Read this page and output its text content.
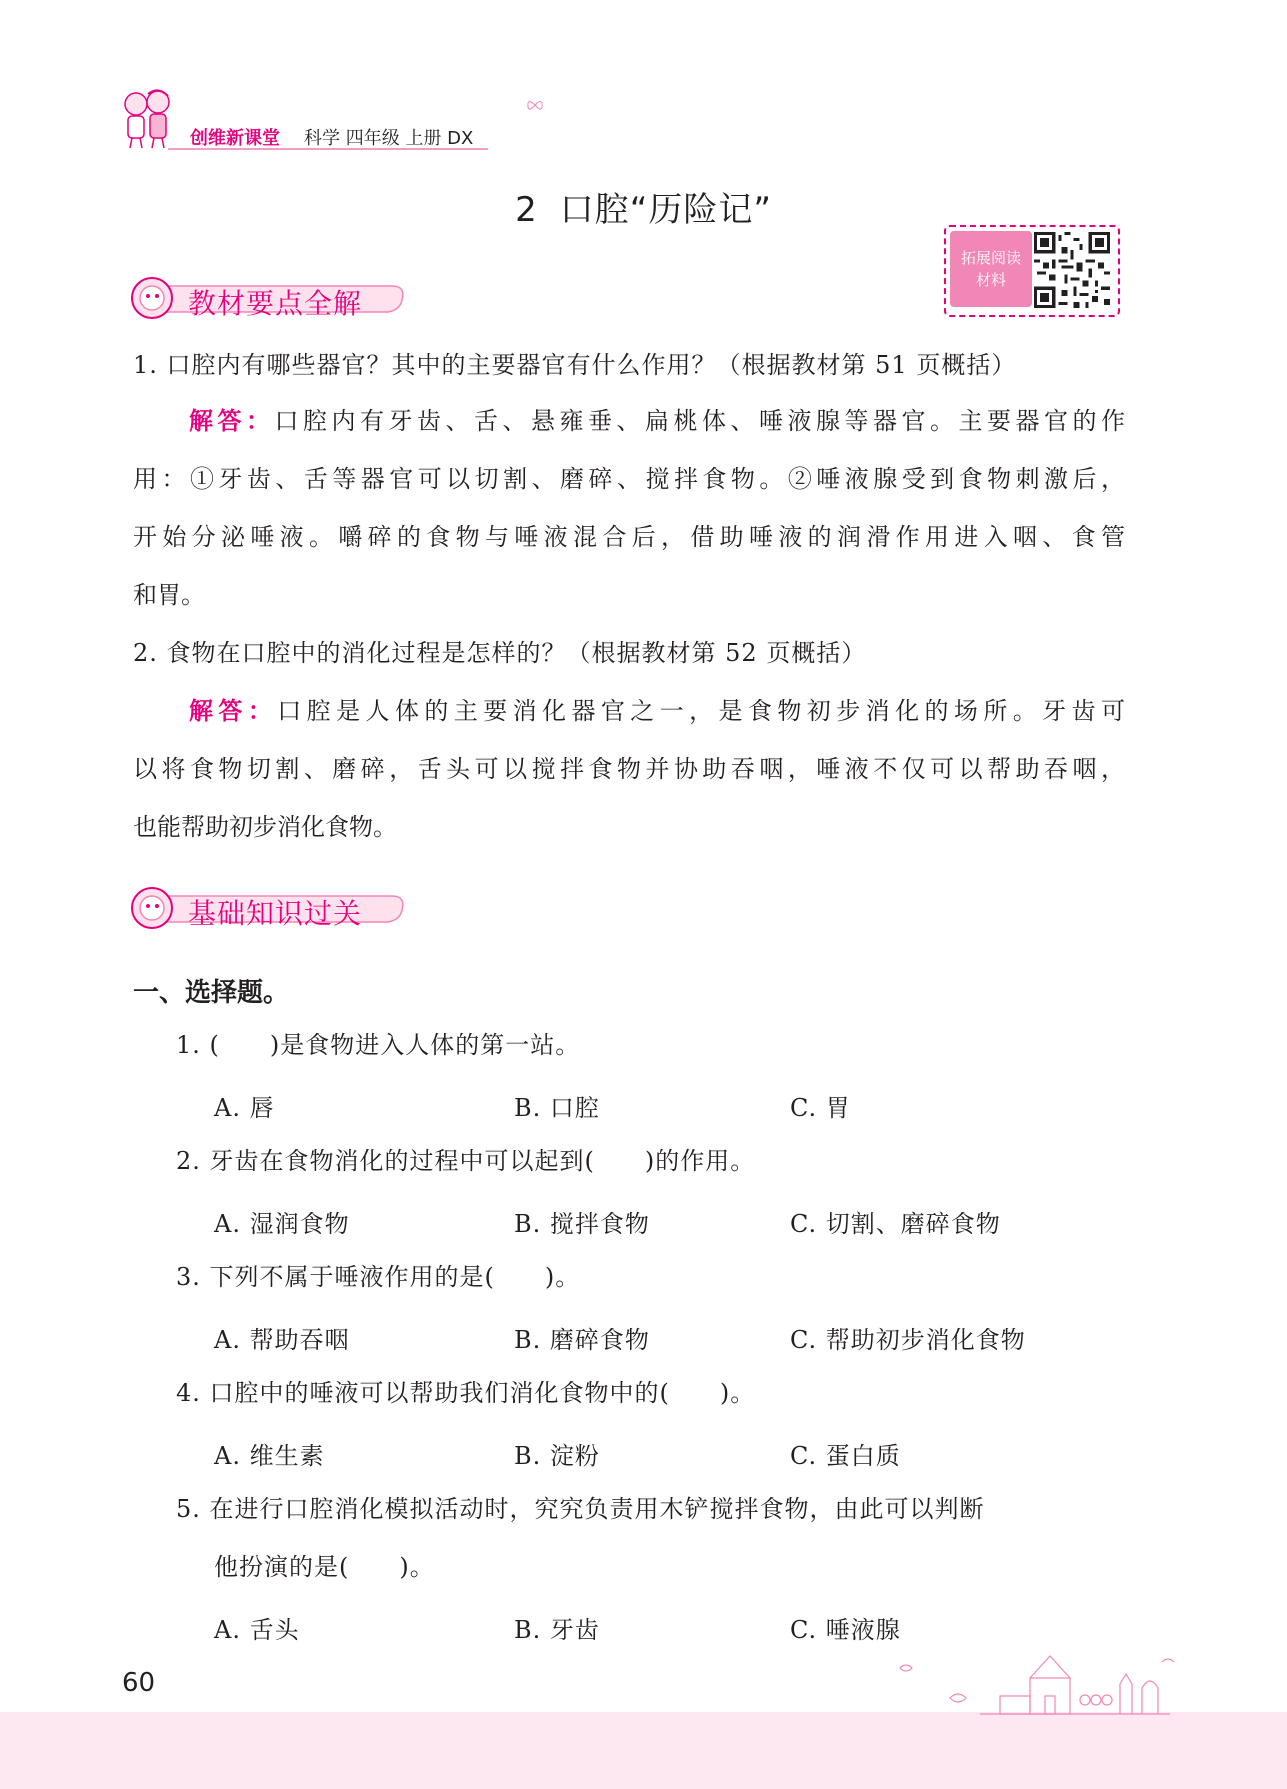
创维新课堂 科学 四年级 上册 DX
2 口腔“历险记”
拓展阅读
材料
教材要点全解
1. 口腔内有哪些器官？其中的主要器官有什么作用？（根据教材第 51 页概括）
解答：口腔内有牙齿、舌、悬雍垂、扁桃体、唾液腺等器官。主要器官的作
用：①牙齿、舌等器官可以切割、磨碎、搅拌食物。②唾液腺受到食物刺激后，
开始分泌唾液。嚼碎的食物与唾液混合后，借助唾液的润滑作用进入咽、食管
和胃。
2. 食物在口腔中的消化过程是怎样的？（根据教材第 52 页概括）
解答：口腔是人体的主要消化器官之一，是食物初步消化的场所。牙齿可
以将食物切割、磨碎，舌头可以搅拌食物并协助吞咽，唾液不仅可以帮助吞咽，
也能帮助初步消化食物。
基础知识过关
一、选择题。
1. (　　)是食物进入人体的第一站。
A. 唇	B. 口腔	C. 胃
2. 牙齿在食物消化的过程中可以起到(　　)的作用。
A. 湿润食物	B. 搅拌食物	C. 切割、磨碎食物
3. 下列不属于唾液作用的是(　　)。
A. 帮助吞咽	B. 磨碎食物	C. 帮助初步消化食物
4. 口腔中的唾液可以帮助我们消化食物中的(　　)。
A. 维生素	B. 淀粉	C. 蛋白质
5. 在进行口腔消化模拟活动时，究究负责用木铲搅拌食物，由此可以判断
他扮演的是(　　)。
A. 舌头	B. 牙齿	C. 唾液腺
60
